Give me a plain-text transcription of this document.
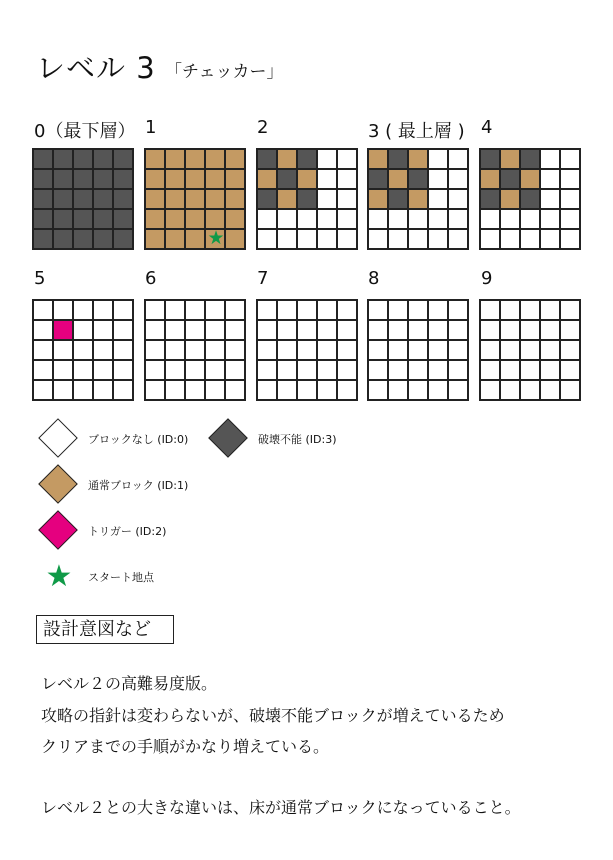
レベル 3 「チェッカー」
0（最下層） 1
★
2	3 ( 最上層 ) 4
5	6	7	8	9
ブロックなし (ID:0)	破壊不能 (ID:3)
通常ブロック (ID:1)
トリガー (ID:2)
★	スタート地点
設計意図など
レベル２の高難易度版。
攻略の指針は変わらないが、破壊不能ブロックが増えているため
クリアまでの手順がかなり増えている。
レベル２との大きな違いは、床が通常ブロックになっていること。
